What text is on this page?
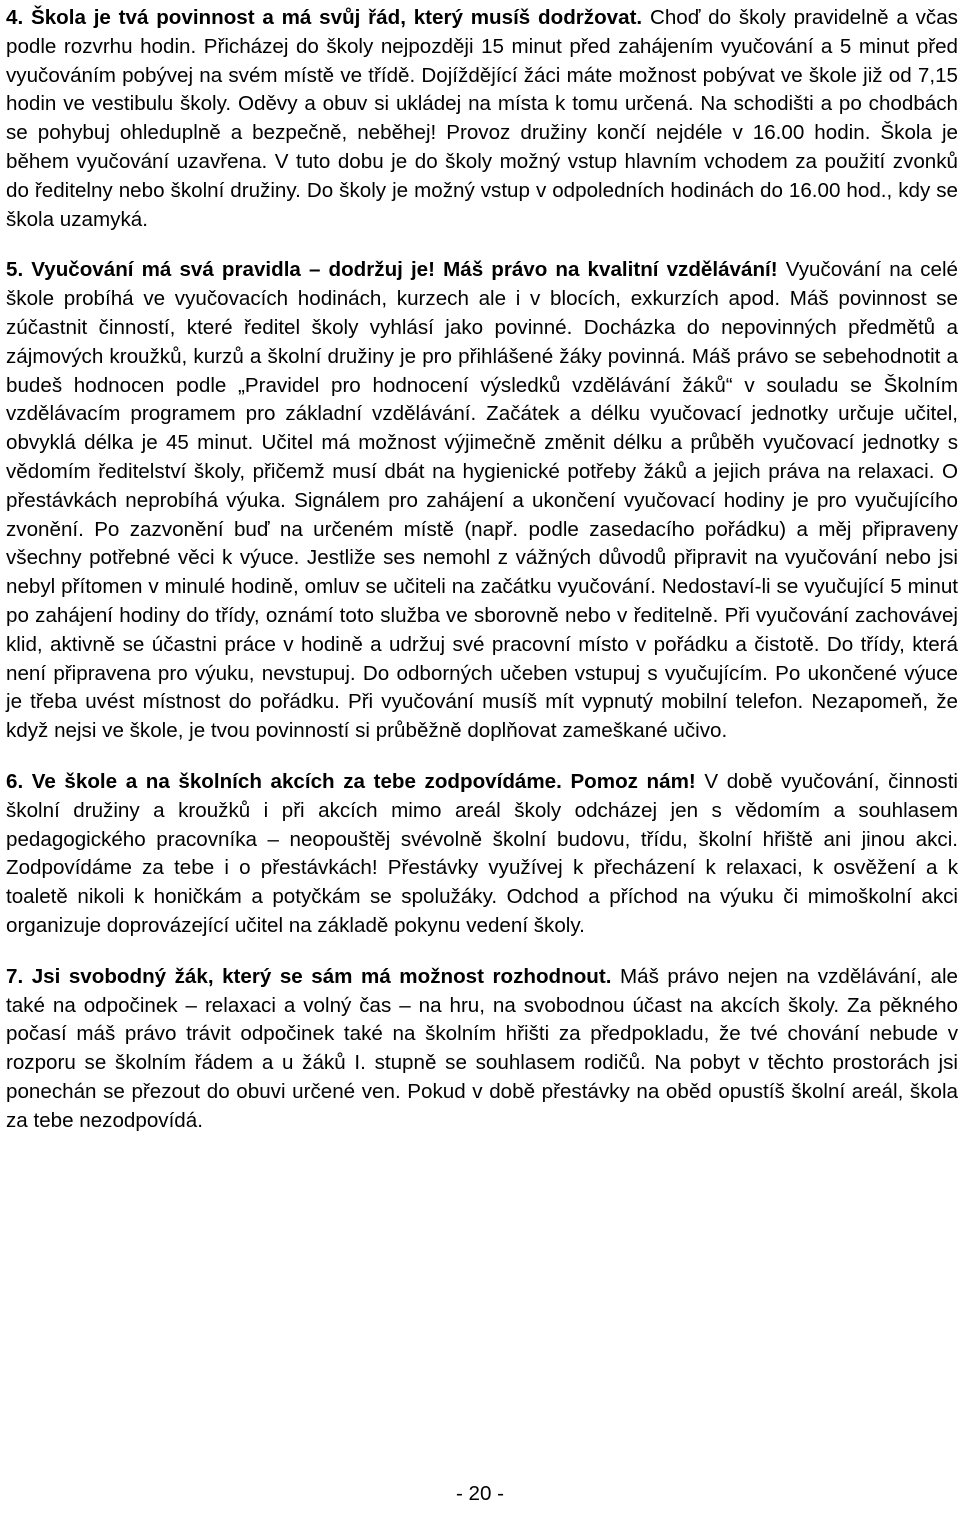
4. Škola je tvá povinnost a má svůj řád, který musíš dodržovat. Choď do školy pravidelně a včas podle rozvrhu hodin. Přicházej do školy nejpozději 15 minut před zahájením vyučování a 5 minut před vyučováním pobývej na svém místě ve třídě. Dojíždějící žáci máte možnost pobývat ve škole již od 7,15 hodin ve vestibulu školy. Oděvy a obuv si ukládej na místa k tomu určená. Na schodišti a po chodbách se pohybuj ohleduplně a bezpečně, neběhej! Provoz družiny končí nejdéle v 16.00 hodin. Škola je během vyučování uzavřena. V tuto dobu je do školy možný vstup hlavním vchodem za použití zvonků do ředitelny nebo školní družiny. Do školy je možný vstup v odpoledních hodinách do 16.00 hod., kdy se škola uzamyká.

5. Vyučování má svá pravidla – dodržuj je! Máš právo na kvalitní vzdělávání! Vyučování na celé škole probíhá ve vyučovacích hodinách, kurzech ale i v blocích, exkurzích apod. Máš povinnost se zúčastnit činností, které ředitel školy vyhlásí jako povinné. Docházka do nepovinných předmětů a zájmových kroužků, kurzů a školní družiny je pro přihlášené žáky povinná. Máš právo se sebehodnotit a budeš hodnocen podle „Pravidel pro hodnocení výsledků vzdělávání žáků“ v souladu se Školním vzdělávacím programem pro základní vzdělávání. Začátek a délku vyučovací jednotky určuje učitel, obvyklá délka je 45 minut. Učitel má možnost výjimečně změnit délku a průběh vyučovací jednotky s vědomím ředitelství školy, přičemž musí dbát na hygienické potřeby žáků a jejich práva na relaxaci. O přestávkách neprobíhá výuka. Signálem pro zahájení a ukončení vyučovací hodiny je pro vyučujícího zvonění. Po zazvonění buď na určeném místě (např. podle zasedacího pořádku) a měj připraveny všechny potřebné věci k výuce. Jestliže ses nemohl z vážných důvodů připravit na vyučování nebo jsi nebyl přítomen v minulé hodině, omluv se učiteli na začátku vyučování. Nedostaví-li se vyučující 5 minut po zahájení hodiny do třídy, oznámí toto služba ve sborovně nebo v ředitelně. Při vyučování zachovávej klid, aktivně se účastni práce v hodině a udržuj své pracovní místo v pořádku a čistotě. Do třídy, která není připravena pro výuku, nevstupuj. Do odborných učeben vstupuj s vyučujícím. Po ukončené výuce je třeba uvést místnost do pořádku. Při vyučování musíš mít vypnutý mobilní telefon. Nezapomeň, že když nejsi ve škole, je tvou povinností si průběžně doplňovat zameškané učivo.

6. Ve škole a na školních akcích za tebe zodpovídáme. Pomoz nám! V době vyučování, činnosti školní družiny a kroužků i při akcích mimo areál školy odcházej jen s vědomím a souhlasem pedagogického pracovníka – neopouštěj svévolně školní budovu, třídu, školní hřiště ani jinou akci. Zodpovídáme za tebe i o přestávkách! Přestávky využívej k přecházení k relaxaci, k osvěžení a k toaletě nikoli k honičkám a potyčkám se spolužáky. Odchod a příchod na výuku či mimoškolní akci organizuje doprovázející učitel na základě pokynu vedení školy.

7. Jsi svobodný žák, který se sám má možnost rozhodnout. Máš právo nejen na vzdělávání, ale také na odpočinek – relaxaci a volný čas – na hru, na svobodnou účast na akcích školy. Za pěkného počasí máš právo trávit odpočinek také na školním hřišti za předpokladu, že tvé chování nebude v rozporu se školním řádem a u žáků I. stupně se souhlasem rodičů. Na pobyt v těchto prostorách jsi ponechán se přezout do obuvi určené ven. Pokud v době přestávky na oběd opustíš školní areál, škola za tebe nezodpovídá.

- 20 -
